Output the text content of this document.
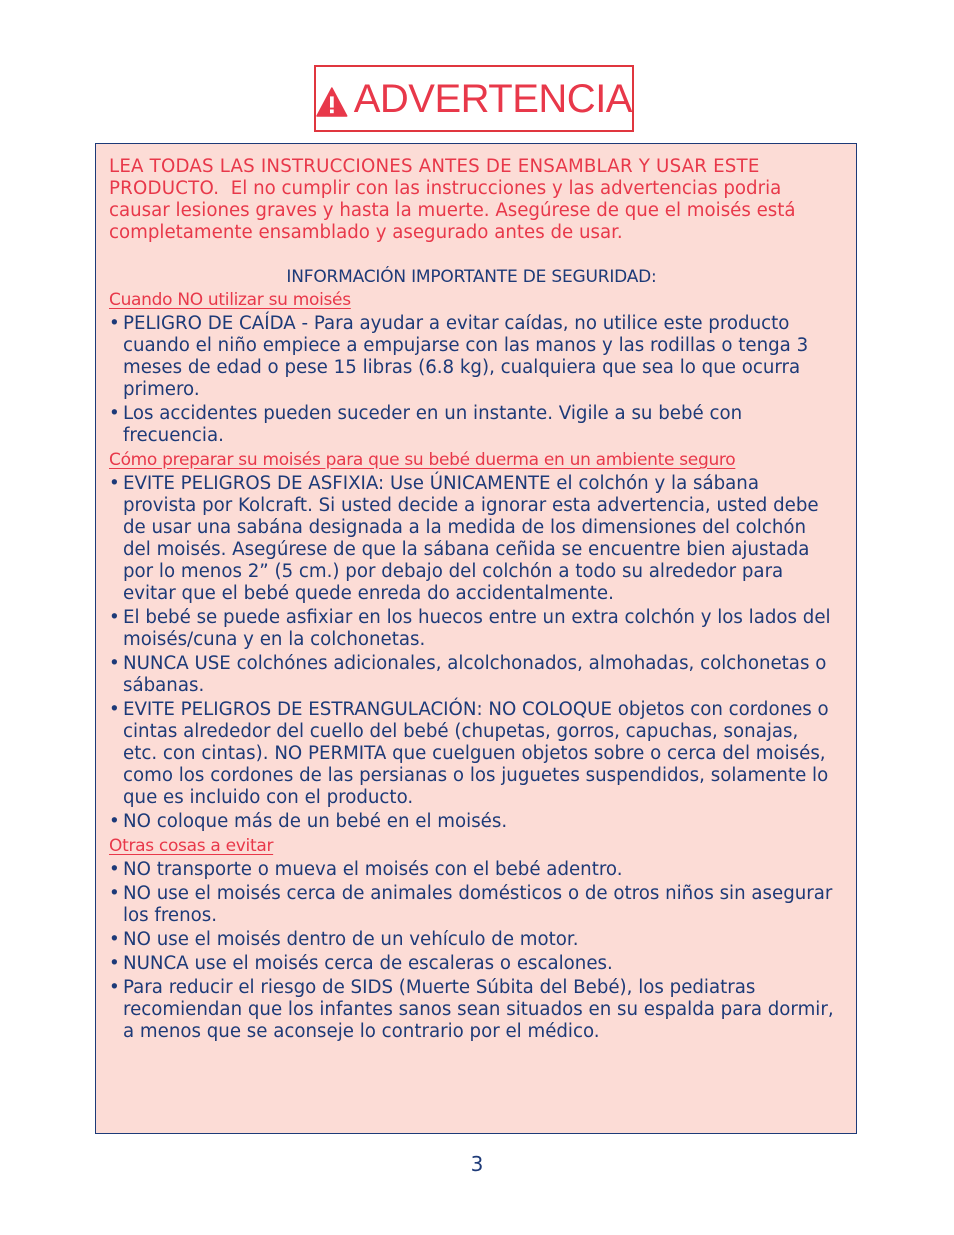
ADVERTENCIA

LEA TODAS LAS INSTRUCCIONES ANTES DE ENSAMBLAR Y USAR ESTE PRODUCTO. El no cumplir con las instrucciones y las advertencias podria causar lesiones graves y hasta la muerte. Asegúrese de que el moisés está completamente ensamblado y asegurado antes de usar.

INFORMACIÓN IMPORTANTE DE SEGURIDAD:
Cuando NO utilizar su moisés
• PELIGRO DE CAÍDA - Para ayudar a evitar caídas, no utilice este producto cuando el niño empiece a empujarse con las manos y las rodillas o tenga 3 meses de edad o pese 15 libras (6.8 kg), cualquiera que sea lo que ocurra primero.
• Los accidentes pueden suceder en un instante. Vigile a su bebé con frecuencia.
Cómo preparar su moisés para que su bebé duerma en un ambiente seguro
• EVITE PELIGROS DE ASFIXIA: Use ÚNICAMENTE el colchón y la sábana provista por Kolcraft. Si usted decide a ignorar esta advertencia, usted debe de usar una sabána designada a la medida de los dimensiones del colchón del moisés. Asegúrese de que la sábana ceñida se encuentre bien ajustada por lo menos 2” (5 cm.) por debajo del colchón a todo su alrededor para evitar que el bebé quede enreda do accidentalmente.
• El bebé se puede asfixiar en los huecos entre un extra colchón y los lados del moisés/cuna y en la colchonetas.
• NUNCA USE colchónes adicionales, alcolchonados, almohadas, colchonetas o sábanas.
• EVITE PELIGROS DE ESTRANGULACIÓN: NO COLOQUE objetos con cordones o cintas alrededor del cuello del bebé (chupetas, gorros, capuchas, sonajas, etc. con cintas). NO PERMITA que cuelguen objetos sobre o cerca del moisés, como los cordones de las persianas o los juguetes suspendidos, solamente lo que es incluido con el producto.
• NO coloque más de un bebé en el moisés.
Otras cosas a evitar
• NO transporte o mueva el moisés con el bebé adentro.
• NO use el moisés cerca de animales domésticos o de otros niños sin asegurar los frenos.
• NO use el moisés dentro de un vehículo de motor.
• NUNCA use el moisés cerca de escaleras o escalones.
• Para reducir el riesgo de SIDS (Muerte Súbita del Bebé), los pediatras recomiendan que los infantes sanos sean situados en su espalda para dormir, a menos que se aconseje lo contrario por el médico.
3
